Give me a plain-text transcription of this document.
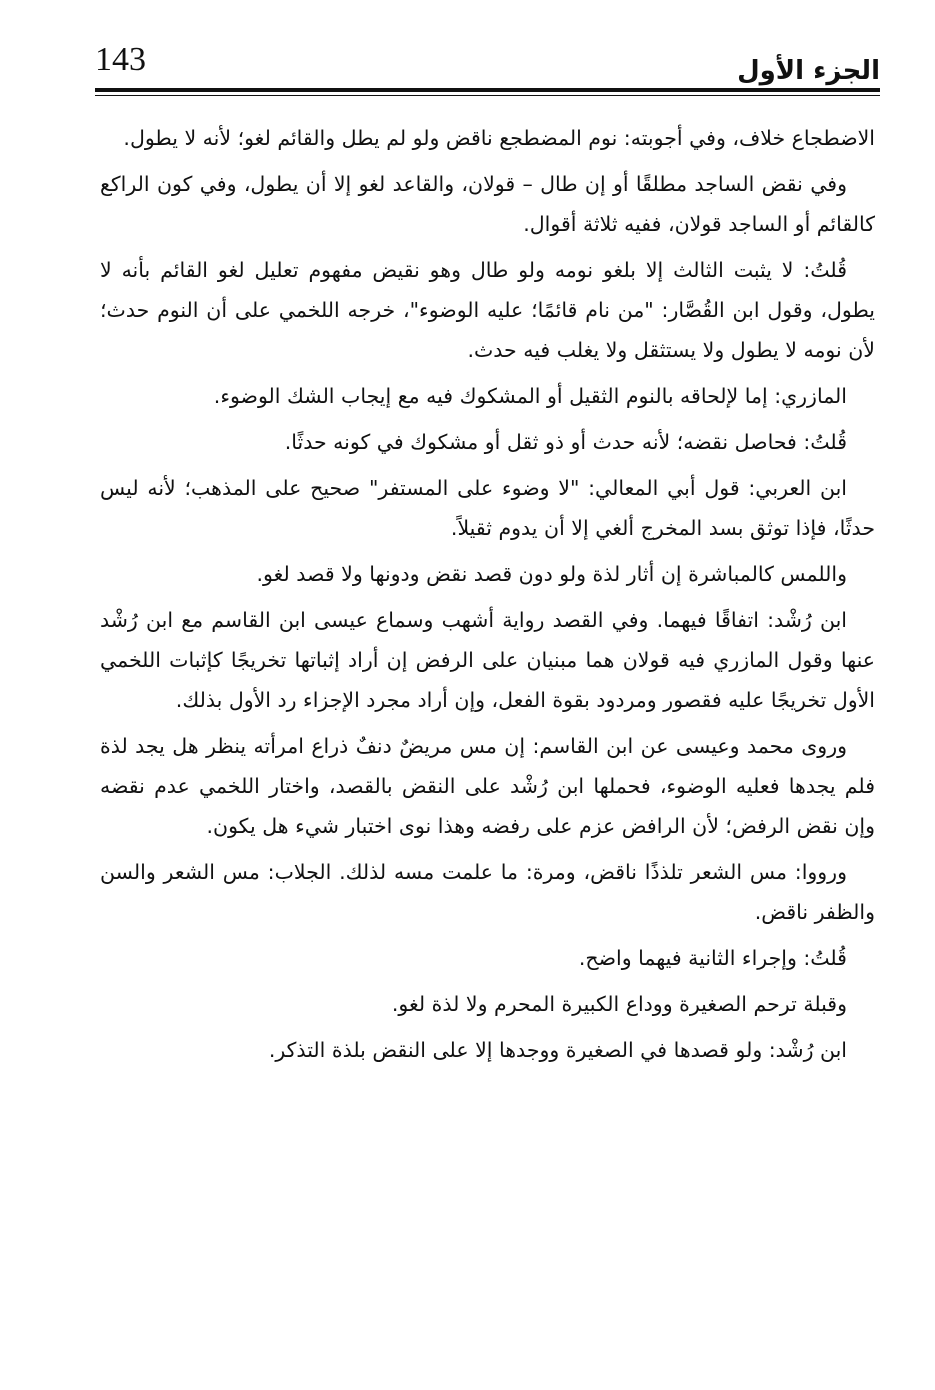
143	الجزء الأول

الاضطجاع خلاف، وفي أجوبته: نوم المضطجع ناقض ولو لم يطل والقائم لغو؛ لأنه لا يطول.

وفي نقض الساجد مطلقًا أو إن طال – قولان، والقاعد لغو إلا أن يطول، وفي كون الراكع كالقائم أو الساجد قولان، ففيه ثلاثة أقوال.

قُلتُ: لا يثبت الثالث إلا بلغو نومه ولو طال وهو نقيض مفهوم تعليل لغو القائم بأنه لا يطول، وقول ابن القُصَّار: "من نام قائمًا؛ عليه الوضوء"، خرجه اللخمي على أن النوم حدث؛ لأن نومه لا يطول ولا يستثقل ولا يغلب فيه حدث.

المازري: إما لإلحاقه بالنوم الثقيل أو المشكوك فيه مع إيجاب الشك الوضوء.

قُلتُ: فحاصل نقضه؛ لأنه حدث أو ذو ثقل أو مشكوك في كونه حدثًا.

ابن العربي: قول أبي المعالي: "لا وضوء على المستفر" صحيح على المذهب؛ لأنه ليس حدثًا، فإذا توثق بسد المخرج ألغي إلا أن يدوم ثقيلاً.

واللمس كالمباشرة إن أثار لذة ولو دون قصد نقض ودونها ولا قصد لغو.

ابن رُشْد: اتفاقًا فيهما. وفي القصد رواية أشهب وسماع عيسى ابن القاسم مع ابن رُشْد عنها وقول المازري فيه قولان هما مبنيان على الرفض إن أراد إثباتها تخريجًا كإثبات اللخمي الأول تخريجًا عليه فقصور ومردود بقوة الفعل، وإن أراد مجرد الإجزاء رد الأول بذلك.

وروى محمد وعيسى عن ابن القاسم: إن مس مريضٌ دنفٌ ذراع امرأته ينظر هل يجد لذة فلم يجدها فعليه الوضوء، فحملها ابن رُشْد على النقض بالقصد، واختار اللخمي عدم نقضه وإن نقض الرفض؛ لأن الرافض عزم على رفضه وهذا نوى اختبار شيء هل يكون.

ورووا: مس الشعر تلذذًا ناقض، ومرة: ما علمت مسه لذلك. الجلاب: مس الشعر والسن والظفر ناقض.

قُلتُ: وإجراء الثانية فيهما واضح.

وقبلة ترحم الصغيرة ووداع الكبيرة المحرم ولا لذة لغو.

ابن رُشْد: ولو قصدها في الصغيرة ووجدها إلا على النقض بلذة التذكر.
